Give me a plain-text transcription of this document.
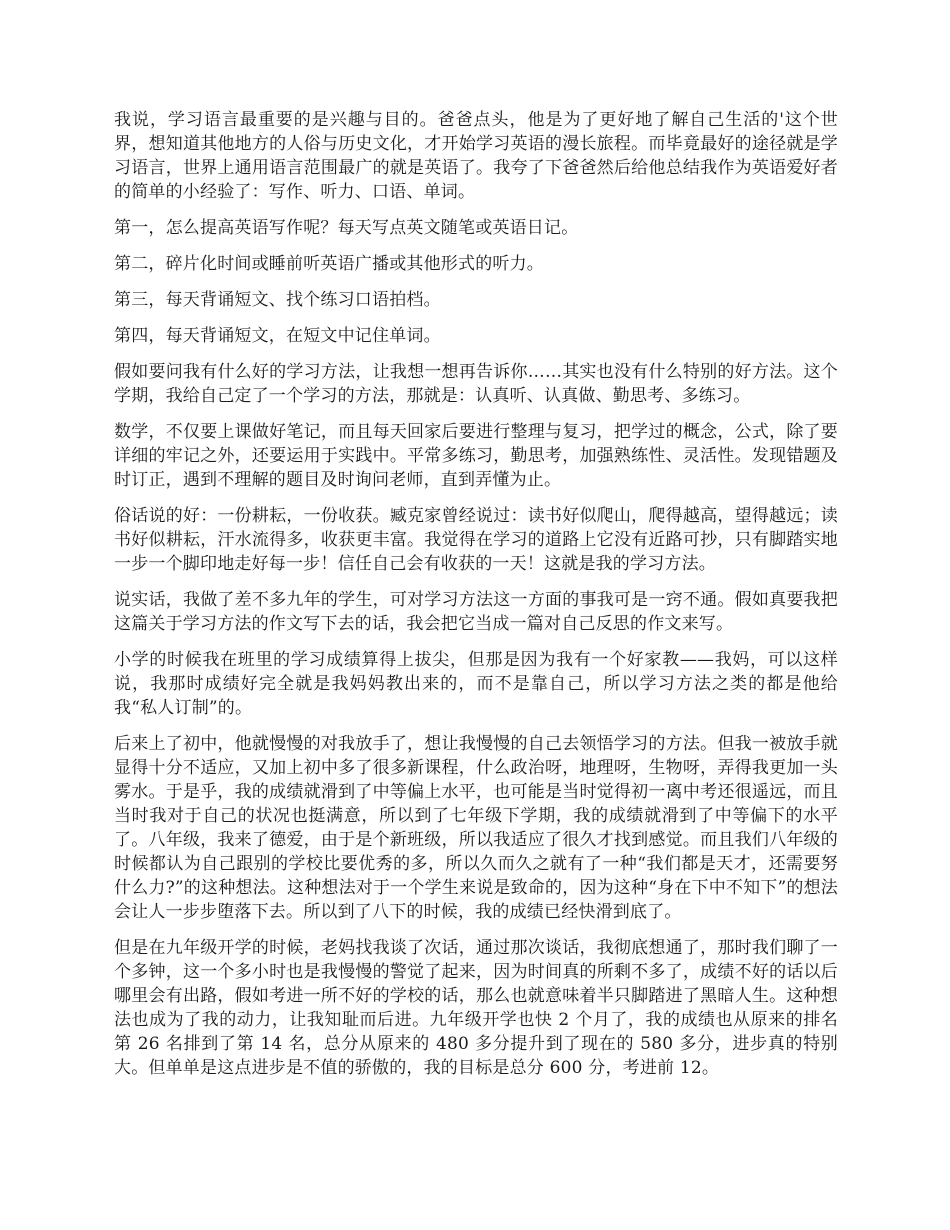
我说，学习语言最重要的是兴趣与目的。爸爸点头，他是为了更好地了解自己生活的'这个世界，想知道其他地方的人俗与历史文化，才开始学习英语的漫长旅程。而毕竟最好的途径就是学习语言，世界上通用语言范围最广的就是英语了。我夸了下爸爸然后给他总结我作为英语爱好者的简单的小经验了：写作、听力、口语、单词。

第一，怎么提高英语写作呢？每天写点英文随笔或英语日记。

第二，碎片化时间或睡前听英语广播或其他形式的听力。

第三，每天背诵短文、找个练习口语拍档。

第四，每天背诵短文，在短文中记住单词。

假如要问我有什么好的学习方法，让我想一想再告诉你……其实也没有什么特别的好方法。这个学期，我给自己定了一个学习的方法，那就是：认真听、认真做、勤思考、多练习。

数学，不仅要上课做好笔记，而且每天回家后要进行整理与复习，把学过的概念，公式，除了要详细的牢记之外，还要运用于实践中。平常多练习，勤思考，加强熟练性、灵活性。发现错题及时订正，遇到不理解的题目及时询问老师，直到弄懂为止。

俗话说的好：一份耕耘，一份收获。臧克家曾经说过：读书好似爬山，爬得越高，望得越远；读书好似耕耘，汗水流得多，收获更丰富。我觉得在学习的道路上它没有近路可抄，只有脚踏实地一步一个脚印地走好每一步！信任自己会有收获的一天！这就是我的学习方法。

说实话，我做了差不多九年的学生，可对学习方法这一方面的事我可是一窍不通。假如真要我把这篇关于学习方法的作文写下去的话，我会把它当成一篇对自己反思的作文来写。

小学的时候我在班里的学习成绩算得上拔尖，但那是因为我有一个好家教——我妈，可以这样说，我那时成绩好完全就是我妈妈教出来的，而不是靠自己，所以学习方法之类的都是他给我“私人订制”的。

后来上了初中，他就慢慢的对我放手了，想让我慢慢的自己去领悟学习的方法。但我一被放手就显得十分不适应，又加上初中多了很多新课程，什么政治呀，地理呀，生物呀，弄得我更加一头雾水。于是乎，我的成绩就滑到了中等偏上水平，也可能是当时觉得初一离中考还很遥远，而且当时我对于自己的状况也挺满意，所以到了七年级下学期，我的成绩就滑到了中等偏下的水平了。八年级，我来了德爱，由于是个新班级，所以我适应了很久才找到感觉。而且我们八年级的时候都认为自己跟别的学校比要优秀的多，所以久而久之就有了一种“我们都是天才，还需要努什么力?”的这种想法。这种想法对于一个学生来说是致命的，因为这种“身在下中不知下”的想法会让人一步步堕落下去。所以到了八下的时候，我的成绩已经快滑到底了。

但是在九年级开学的时候，老妈找我谈了次话，通过那次谈话，我彻底想通了，那时我们聊了一个多钟，这一个多小时也是我慢慢的警觉了起来，因为时间真的所剩不多了，成绩不好的话以后哪里会有出路，假如考进一所不好的学校的话，那么也就意味着半只脚踏进了黑暗人生。这种想法也成为了我的动力，让我知耻而后进。九年级开学也快 2 个月了，我的成绩也从原来的排名第 26 名排到了第 14 名，总分从原来的 480 多分提升到了现在的 580 多分，进步真的特别大。但单单是这点进步是不值的骄傲的，我的目标是总分 600 分，考进前 12。
